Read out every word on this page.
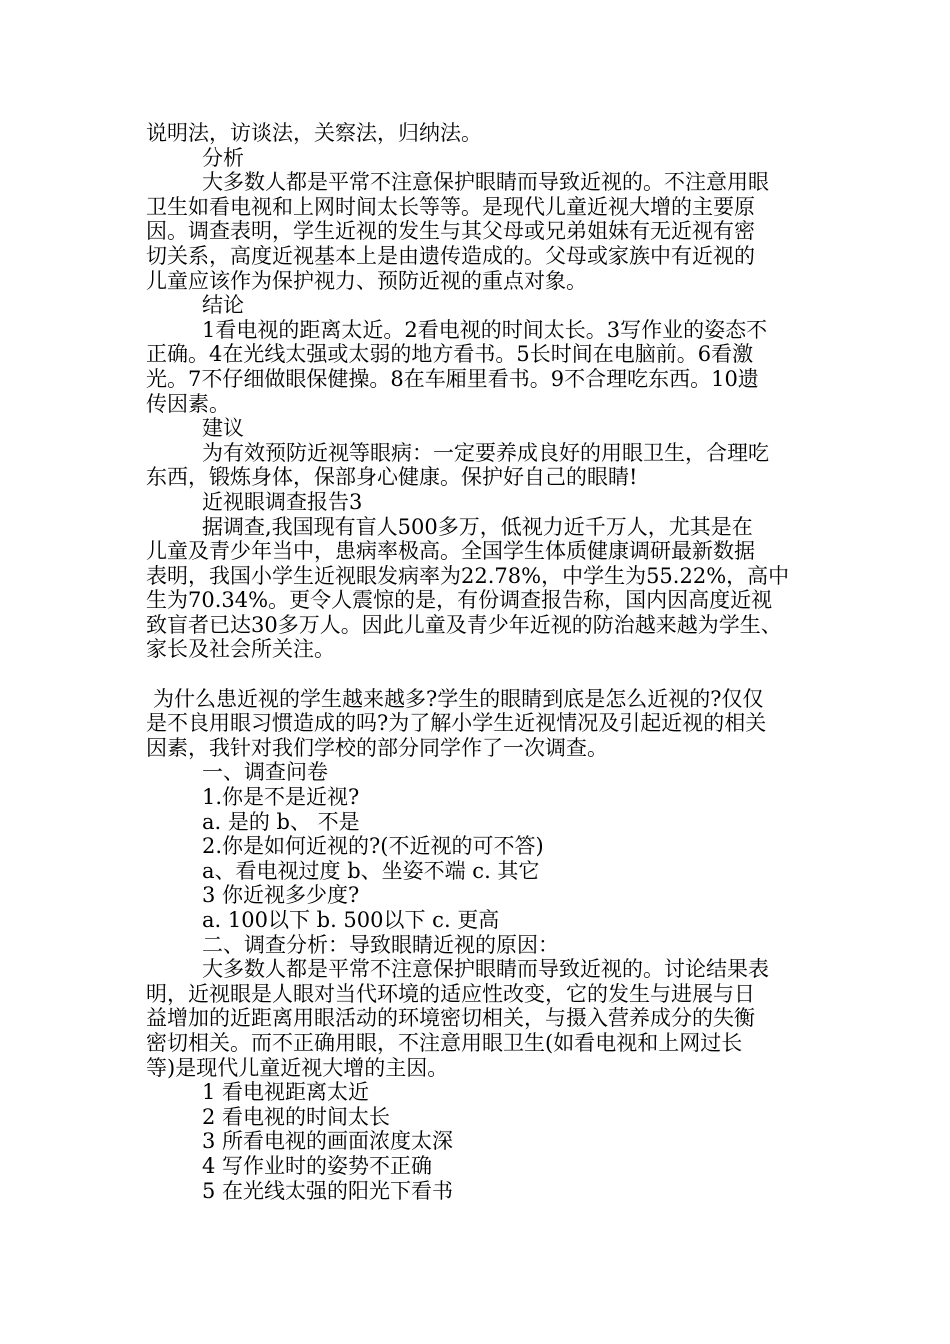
说明法，访谈法，关察法，归纳法。
分析
大多数人都是平常不注意保护眼睛而导致近视的。不注意用眼
卫生如看电视和上网时间太长等等。是现代儿童近视大增的主要原
因。调查表明，学生近视的发生与其父母或兄弟姐妹有无近视有密
切关系，高度近视基本上是由遗传造成的。父母或家族中有近视的
儿童应该作为保护视力、预防近视的重点对象。
结论
1看电视的距离太近。2看电视的时间太长。3写作业的姿态不
正确。4在光线太强或太弱的地方看书。5长时间在电脑前。6看激
光。7不仔细做眼保健操。8在车厢里看书。9不合理吃东西。10遗
传因素。
建议
为有效预防近视等眼病：一定要养成良好的用眼卫生，合理吃
东西，锻炼身体，保部身心健康。保护好自己的眼睛!
近视眼调查报告3
据调查,我国现有盲人500多万，低视力近千万人，尤其是在
儿童及青少年当中，患病率极高。全国学生体质健康调研最新数据
表明，我国小学生近视眼发病率为22.78%，中学生为55.22%，高中
生为70.34%。更令人震惊的是，有份调查报告称，国内因高度近视
致盲者已达30多万人。因此儿童及青少年近视的防治越来越为学生、
家长及社会所关注。
为什么患近视的学生越来越多?学生的眼睛到底是怎么近视的?仅仅
是不良用眼习惯造成的吗?为了解小学生近视情况及引起近视的相关
因素，我针对我们学校的部分同学作了一次调查。
一、调查问卷
1.你是不是近视?
a. 是的 b、 不是
2.你是如何近视的?(不近视的可不答)
a、看电视过度 b、坐姿不端 c. 其它
3 你近视多少度?
a. 100以下 b. 500以下 c. 更高
二、调查分析：导致眼睛近视的原因：
大多数人都是平常不注意保护眼睛而导致近视的。讨论结果表
明，近视眼是人眼对当代环境的适应性改变，它的发生与进展与日
益增加的近距离用眼活动的环境密切相关，与摄入营养成分的失衡
密切相关。而不正确用眼，不注意用眼卫生(如看电视和上网过长
等)是现代儿童近视大增的主因。
1 看电视距离太近
2 看电视的时间太长
3 所看电视的画面浓度太深
4 写作业时的姿势不正确
5 在光线太强的阳光下看书
